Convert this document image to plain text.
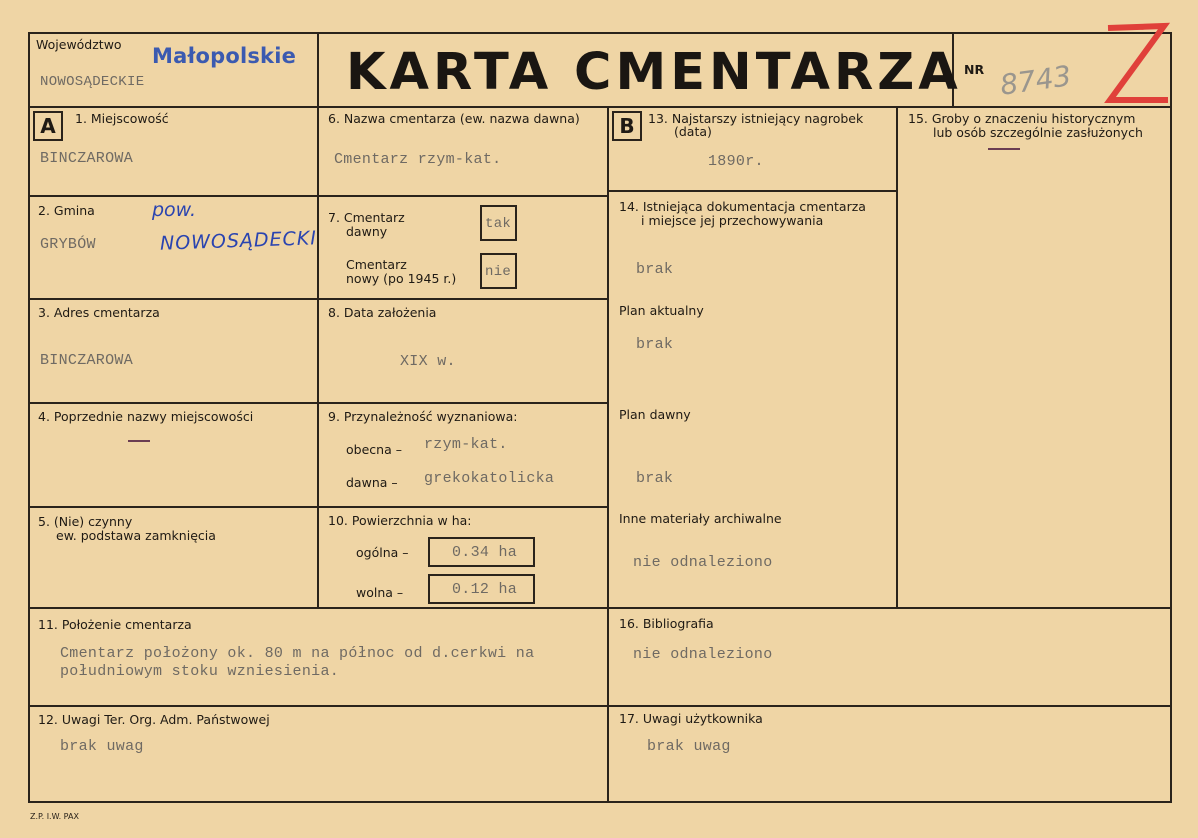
Województwo Małopolskie
NOWOSĄDECKIE	KARTA CMENTARZA NR 8743
A	B
1. Miejscowość
BINCZAROWA
2. Gmina
GRYBÓW
pow.
NOWOSĄDECKI
3. Adres cmentarza
BINCZAROWA
4. Poprzednie nazwy miejscowości
5. (Nie) czynny
ew. podstawa zamknięcia
6. Nazwa cmentarza (ew. nazwa dawna)
Cmentarz rzym-kat.
7. Cmentarz
dawny	tak
Cmentarz
nowy (po 1945 r.) nie
8. Data założenia
XIX w.
9. Przynależność wyznaniowa:
obecna – rzym-kat.
dawna – grekokatolicka
10. Powierzchnia w ha:
ogólna –	0.34 ha
wolna –	0.12 ha
11. Położenie cmentarza
Cmentarz położony ok. 80 m na północ od d.cerkwi na
południowym stoku wzniesienia.
12. Uwagi Ter. Org. Adm. Państwowej
brak uwag
13. Najstarszy istniejący nagrobek
(data)
1890r.
14. Istniejąca dokumentacja cmentarza
i miejsce jej przechowywania
brak
Plan aktualny
brak
Plan dawny
brak
Inne materiały archiwalne
nie odnaleziono
15. Groby o znaczeniu historycznym
lub osób szczególnie zasłużonych
16. Bibliografia
nie odnaleziono
17. Uwagi użytkownika
brak uwag
Z.P. I.W. PAX
